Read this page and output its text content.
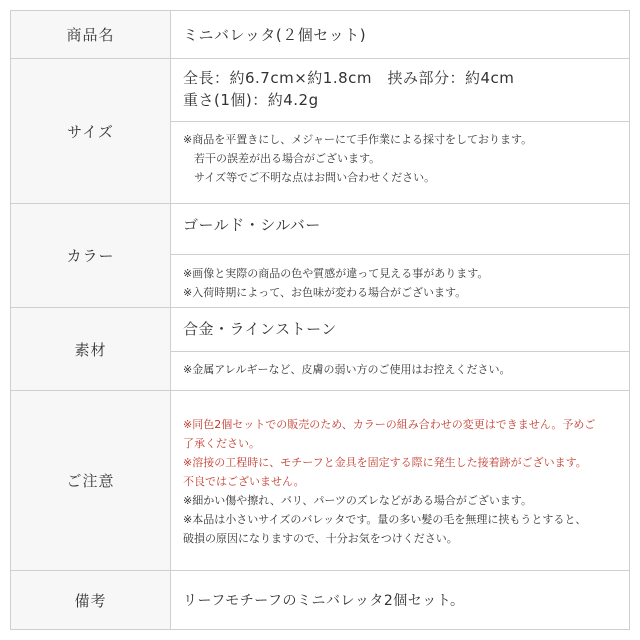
商品名	ミニバレッタ(２個セット)
サイズ
全長：約6.7cm×約1.8cm　挟み部分：約4cm
重さ(1個)：約4.2g
※商品を平置きにし、メジャーにて手作業による採寸をしております。
　若干の誤差が出る場合がございます。
　サイズ等でご不明な点はお問い合わせください。
カラー
ゴールド・シルバー
※画像と実際の商品の色や質感が違って見える事があります。
※入荷時期によって、お色味が変わる場合がございます。
素材
合金・ラインストーン
※金属アレルギーなど、皮膚の弱い方のご使用はお控えください。
ご注意
※同色2個セットでの販売のため、カラーの組み合わせの変更はできません。予めご
了承ください。
※溶接の工程時に、モチーフと金具を固定する際に発生した接着跡がございます。
不良ではございません。
※細かい傷や擦れ、バリ、パーツのズレなどがある場合がございます。
※本品は小さいサイズのバレッタです。量の多い髪の毛を無理に挟もうとすると、
破損の原因になりますので、十分お気をつけください。
備考	リーフモチーフのミニバレッタ2個セット。
